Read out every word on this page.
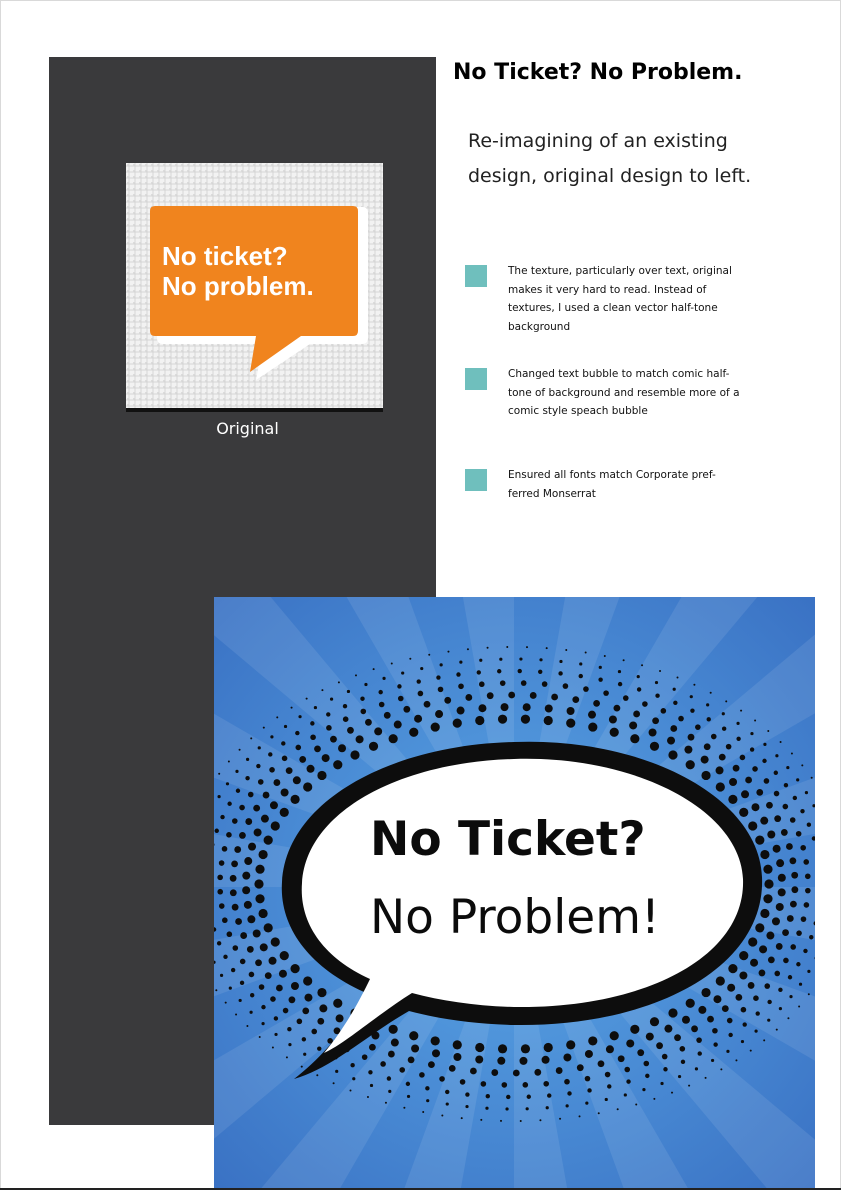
No ticket?
No problem.
Original
No Ticket? No Problem.
Re-imagining of an existing design, original design to left.
The texture, particularly over text, original makes it very hard to read. Instead of textures, I used a clean vector half-tone background
Changed text bubble to match comic half-tone of background and resemble more of a comic style speach bubble
Ensured all fonts match Corporate pref- ferred Monserrat
No Ticket?
No Problem!
